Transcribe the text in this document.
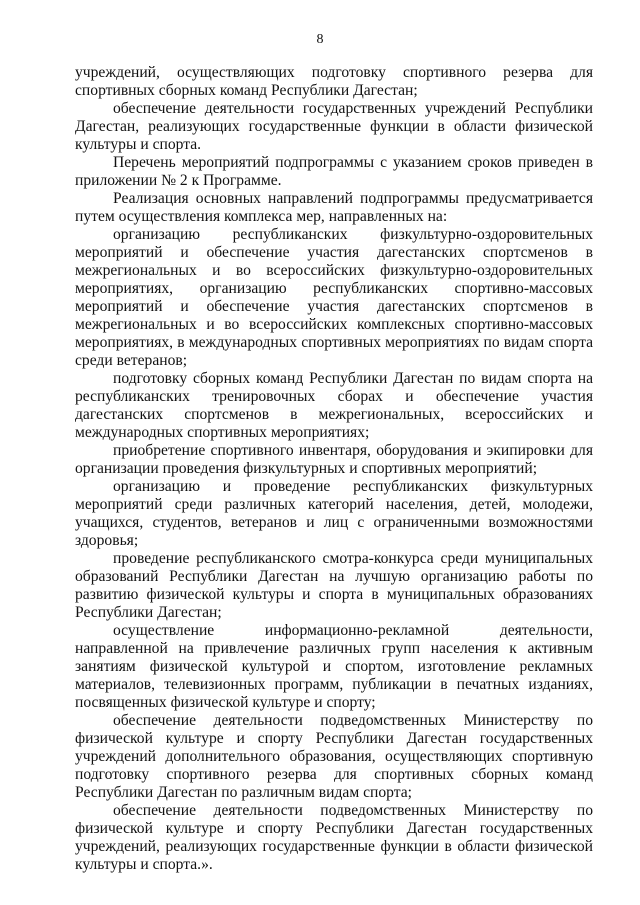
8

учреждений, осуществляющих подготовку спортивного резерва для спортивных сборных команд Республики Дагестан;

обеспечение деятельности государственных учреждений Республики Дагестан, реализующих государственные функции в области физической культуры и спорта.

Перечень мероприятий подпрограммы с указанием сроков приведен в приложении № 2 к Программе.

Реализация основных направлений подпрограммы предусматривается путем осуществления комплекса мер, направленных на:

организацию республиканских физкультурно-оздоровительных мероприятий и обеспечение участия дагестанских спортсменов в межрегиональных и во всероссийских физкультурно-оздоровительных мероприятиях, организацию республиканских спортивно-массовых мероприятий и обеспечение участия дагестанских спортсменов в межрегиональных и во всероссийских комплексных спортивно-массовых мероприятиях, в международных спортивных мероприятиях по видам спорта среди ветеранов;

подготовку сборных команд Республики Дагестан по видам спорта на республиканских тренировочных сборах и обеспечение участия дагестанских спортсменов в межрегиональных, всероссийских и международных спортивных мероприятиях;

приобретение спортивного инвентаря, оборудования и экипировки для организации проведения физкультурных и спортивных мероприятий;

организацию и проведение республиканских физкультурных мероприятий среди различных категорий населения, детей, молодежи, учащихся, студентов, ветеранов и лиц с ограниченными возможностями здоровья;

проведение республиканского смотра-конкурса среди муниципальных образований Республики Дагестан на лучшую организацию работы по развитию физической культуры и спорта в муниципальных образованиях Республики Дагестан;

осуществление информационно-рекламной деятельности, направленной на привлечение различных групп населения к активным занятиям физической культурой и спортом, изготовление рекламных материалов, телевизионных программ, публикации в печатных изданиях, посвященных физической культуре и спорту;

обеспечение деятельности подведомственных Министерству по физической культуре и спорту Республики Дагестан государственных учреждений дополнительного образования, осуществляющих спортивную подготовку спортивного резерва для спортивных сборных команд Республики Дагестан по различным видам спорта;

обеспечение деятельности подведомственных Министерству по физической культуре и спорту Республики Дагестан государственных учреждений, реализующих государственные функции в области физической культуры и спорта.».
